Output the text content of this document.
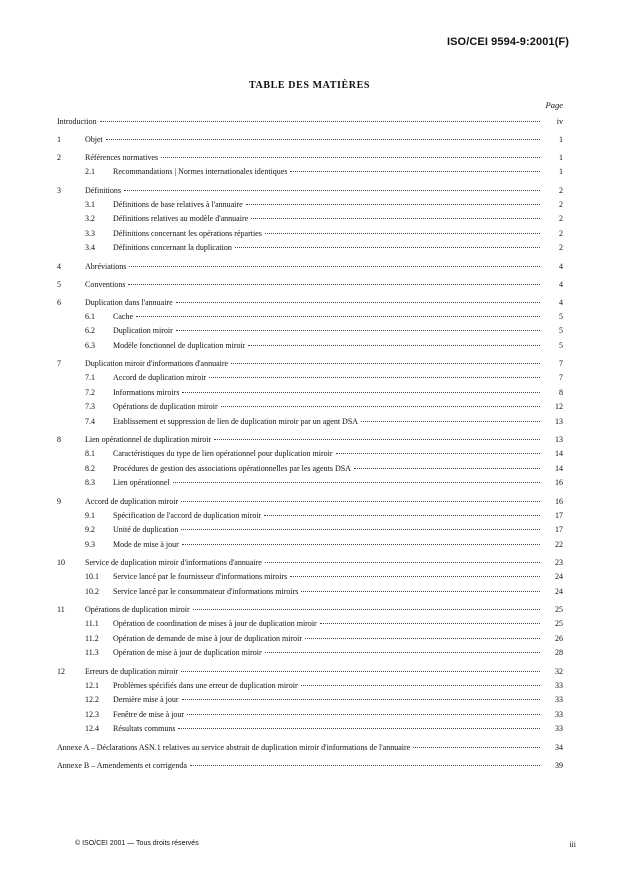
ISO/CEI 9594-9:2001(F)
TABLE DES MATIÈRES
Page
Introduction	iv
1	Objet	1
2	Références normatives	1
2.1	Recommandations | Normes internationales identiques	1
3	Définitions	2
3.1	Définitions de base relatives à l'annuaire	2
3.2	Définitions relatives au modèle d'annuaire	2
3.3	Définitions concernant les opérations réparties	2
3.4	Définitions concernant la duplication	2
4	Abréviations	4
5	Conventions	4
6	Duplication dans l'annuaire	4
6.1	Cache	5
6.2	Duplication miroir	5
6.3	Modèle fonctionnel de duplication miroir	5
7	Duplication miroir d'informations d'annuaire	7
7.1	Accord de duplication miroir	7
7.2	Informations miroirs	8
7.3	Opérations de duplication miroir	12
7.4	Etablissement et suppression de lien de duplication miroir par un agent DSA	13
8	Lien opérationnel de duplication miroir	13
8.1	Caractéristiques du type de lien opérationnel pour duplication miroir	14
8.2	Procédures de gestion des associations opérationnelles par les agents DSA	14
8.3	Lien opérationnel	16
9	Accord de duplication miroir	16
9.1	Spécification de l'accord de duplication miroir	17
9.2	Unité de duplication	17
9.3	Mode de mise à jour	22
10	Service de duplication miroir d'informations d'annuaire	23
10.1	Service lancé par le fournisseur d'informations miroirs	24
10.2	Service lancé par le consommateur d'informations miroirs	24
11	Opérations de duplication miroir	25
11.1	Opération de coordination de mises à jour de duplication miroir	25
11.2	Opération de demande de mise à jour de duplication miroir	26
11.3	Opération de mise à jour de duplication miroir	28
12	Erreurs de duplication miroir	32
12.1	Problèmes spécifiés dans une erreur de duplication miroir	33
12.2	Dernière mise à jour	33
12.3	Fenêtre de mise à jour	33
12.4	Résultats communs	33
Annexe A – Déclarations ASN.1 relatives au service abstrait de duplication miroir d'informations de l'annuaire	34
Annexe B – Amendements et corrigenda	39
© ISO/CEI 2001 — Tous droits réservés	iii
